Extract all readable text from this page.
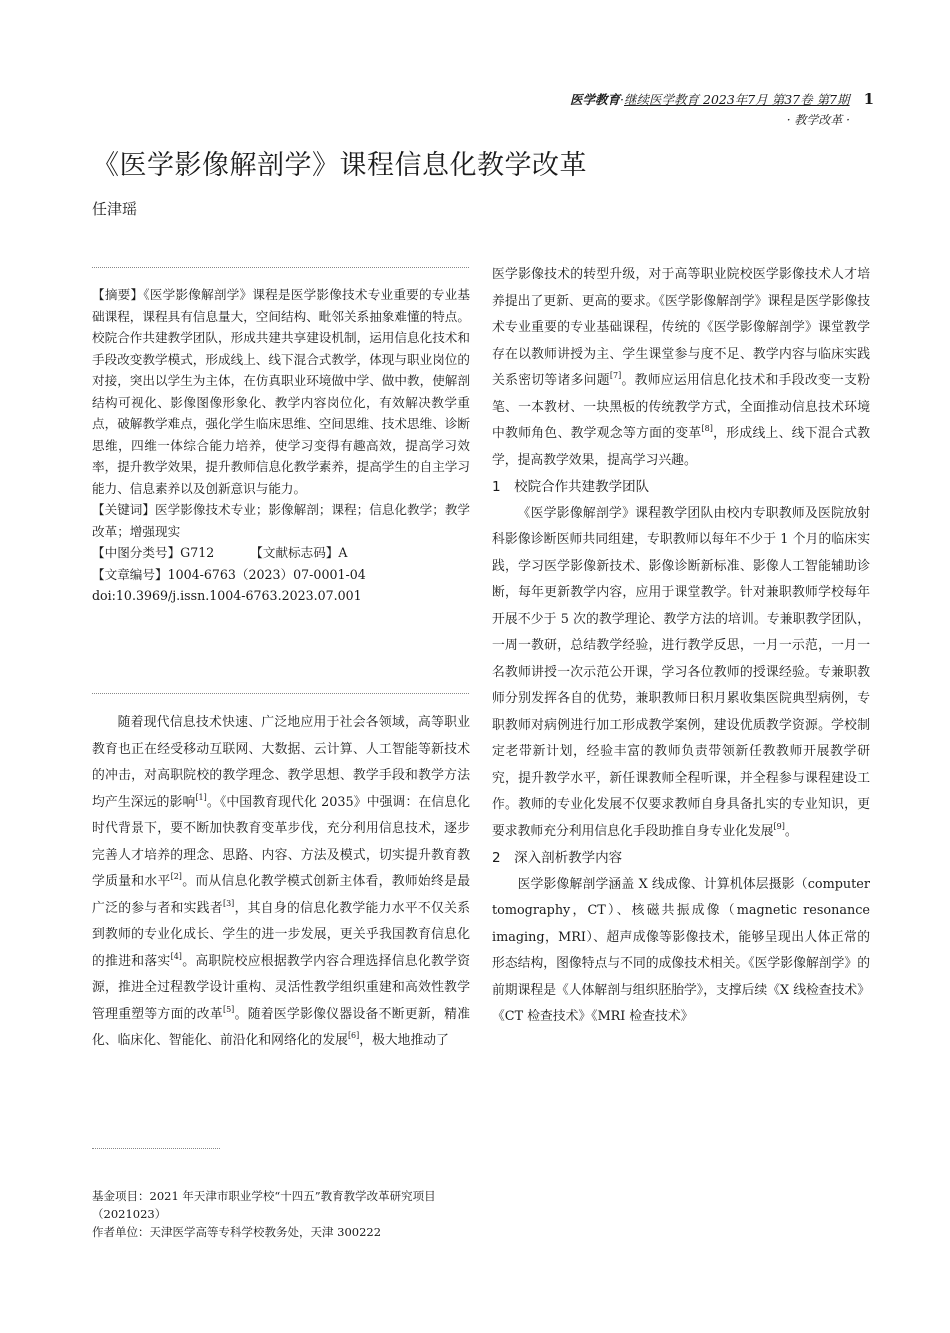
医学教育·继续医学教育 2023年7月 第37卷 第7期 1
· 教学改革 ·
《医学影像解剖学》课程信息化教学改革
任津瑶

【摘要】《医学影像解剖学》课程是医学影像技术专业重要的专业基础课程，课程具有信息量大，空间结构、毗邻关系抽象难懂的特点。校院合作共建教学团队，形成共建共享建设机制，运用信息化技术和手段改变教学模式，形成线上、线下混合式教学，体现与职业岗位的对接，突出以学生为主体，在仿真职业环境做中学、做中教，使解剖结构可视化、影像图像形象化、教学内容岗位化，有效解决教学重点，破解教学难点，强化学生临床思维、空间思维、技术思维、诊断思维，四维一体综合能力培养，使学习变得有趣高效，提高学习效率，提升教学效果，提升教师信息化教学素养，提高学生的自主学习能力、信息素养以及创新意识与能力。

【关键词】医学影像技术专业；影像解剖；课程；信息化教学；教学改革；增强现实

【中图分类号】G712	【文献标志码】A

【文章编号】1004-6763（2023）07-0001-04

doi:10.3969/j.issn.1004-6763.2023.07.001

随着现代信息技术快速、广泛地应用于社会各领域，高等职业教育也正在经受移动互联网、大数据、云计算、人工智能等新技术的冲击，对高职院校的教学理念、教学思想、教学手段和教学方法均产生深远的影响[1]。《中国教育现代化 2035》中强调：在信息化时代背景下，要不断加快教育变革步伐，充分利用信息技术，逐步完善人才培养的理念、思路、内容、方法及模式，切实提升教育教学质量和水平[2]。而从信息化教学模式创新主体看，教师始终是最广泛的参与者和实践者[3]，其自身的信息化教学能力水平不仅关系到教师的专业化成长、学生的进一步发展，更关乎我国教育信息化的推进和落实[4]。高职院校应根据教学内容合理选择信息化教学资源，推进全过程教学设计重构、灵活性教学组织重建和高效性教学管理重塑等方面的改革[5]。随着医学影像仪器设备不断更新，精准化、临床化、智能化、前沿化和网络化的发展[6]，极大地推动了

基金项目：2021 年天津市职业学校“十四五”教育教学改革研究项目（2021023）

作者单位：天津医学高等专科学校教务处，天津 300222

医学影像技术的转型升级，对于高等职业院校医学影像技术人才培养提出了更新、更高的要求。《医学影像解剖学》课程是医学影像技术专业重要的专业基础课程，传统的《医学影像解剖学》课堂教学存在以教师讲授为主、学生课堂参与度不足、教学内容与临床实践关系密切等诸多问题[7]。教师应运用信息化技术和手段改变一支粉笔、一本教材、一块黑板的传统教学方式，全面推动信息技术环境中教师角色、教学观念等方面的变革[8]，形成线上、线下混合式教学，提高教学效果，提高学习兴趣。

1　校院合作共建教学团队

《医学影像解剖学》课程教学团队由校内专职教师及医院放射科影像诊断医师共同组建，专职教师以每年不少于 1 个月的临床实践，学习医学影像新技术、影像诊断新标准、影像人工智能辅助诊断，每年更新教学内容，应用于课堂教学。针对兼职教师学校每年开展不少于 5 次的教学理论、教学方法的培训。专兼职教学团队，一周一教研，总结教学经验，进行教学反思，一月一示范，一月一名教师讲授一次示范公开课，学习各位教师的授课经验。专兼职教师分别发挥各自的优势，兼职教师日积月累收集医院典型病例，专职教师对病例进行加工形成教学案例，建设优质教学资源。学校制定老带新计划，经验丰富的教师负责带领新任教教师开展教学研究，提升教学水平，新任课教师全程听课，并全程参与课程建设工作。教师的专业化发展不仅要求教师自身具备扎实的专业知识，更要求教师充分利用信息化手段助推自身专业化发展[9]。

2　深入剖析教学内容

医学影像解剖学涵盖 X 线成像、计算机体层摄影（computer tomography，CT）、核磁共振成像（magnetic resonance imaging，MRI）、超声成像等影像技术，能够呈现出人体正常的形态结构，图像特点与不同的成像技术相关。《医学影像解剖学》的前期课程是《人体解剖与组织胚胎学》，支撑后续《X 线检查技术》《CT 检查技术》《MRI 检查技术》
